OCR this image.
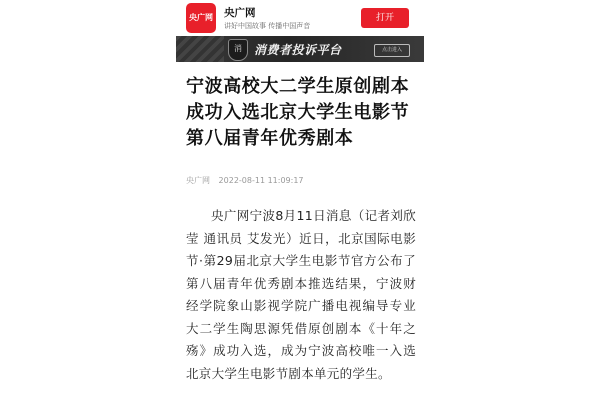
央广网 央广网
讲好中国故事 传播中国声音
打开
消	消费者投诉平台	点击进入
宁波高校大二学生原创剧本成功入选北京大学生电影节第八届青年优秀剧本
央广网 2022-08-11 11:09:17

央广网宁波8月11日消息（记者刘欣莹 通讯员 艾发光）近日，北京国际电影节·第29届北京大学生电影节官方公布了第八届青年优秀剧本推选结果，宁波财经学院象山影视学院广播电视编导专业大二学生陶思源凭借原创剧本《十年之殇》成功入选，成为宁波高校唯一入选北京大学生电影节剧本单元的学生。
